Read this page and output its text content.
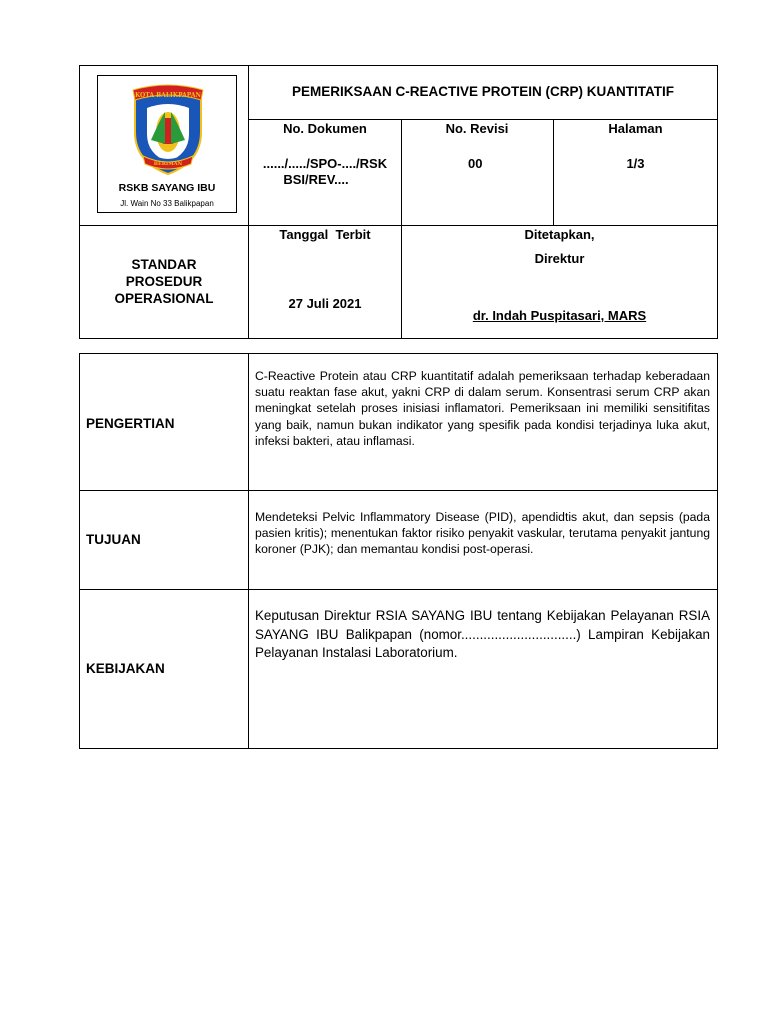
KOTA BALIKPAPAN
BERIMAN
RSKB SAYANG IBU
Jl. Wain No 33 Balikpapan
PEMERIKSAAN C-REACTIVE PROTEIN (CRP) KUANTITATIF
No. Dokumen
....../...../SPO-..../RSK
BSI/REV....
No. Revisi
00
Halaman
1/3
STANDAR
PROSEDUR
OPERASIONAL
Tanggal  Terbit
27 Juli 2021
Ditetapkan,
Direktur
dr. Indah Puspitasari, MARS
PENGERTIAN
C-Reactive Protein atau CRP kuantitatif adalah pemeriksaan terhadap keberadaan suatu reaktan fase akut, yakni CRP di dalam serum. Konsentrasi serum CRP akan meningkat setelah proses inisiasi inflamatori. Pemeriksaan ini memiliki sensitifitas yang baik, namun bukan indikator yang spesifik pada kondisi terjadinya luka akut, infeksi bakteri, atau inflamasi.
TUJUAN
Mendeteksi Pelvic Inflammatory Disease (PID), apendidtis akut, dan sepsis (pada pasien kritis); menentukan faktor risiko penyakit vaskular, terutama penyakit jantung koroner (PJK); dan memantau kondisi post-operasi.
KEBIJAKAN
Keputusan Direktur RSIA SAYANG IBU tentang Kebijakan Pelayanan RSIA SAYANG IBU Balikpapan (nomor...............................) Lampiran Kebijakan Pelayanan Instalasi Laboratorium.
